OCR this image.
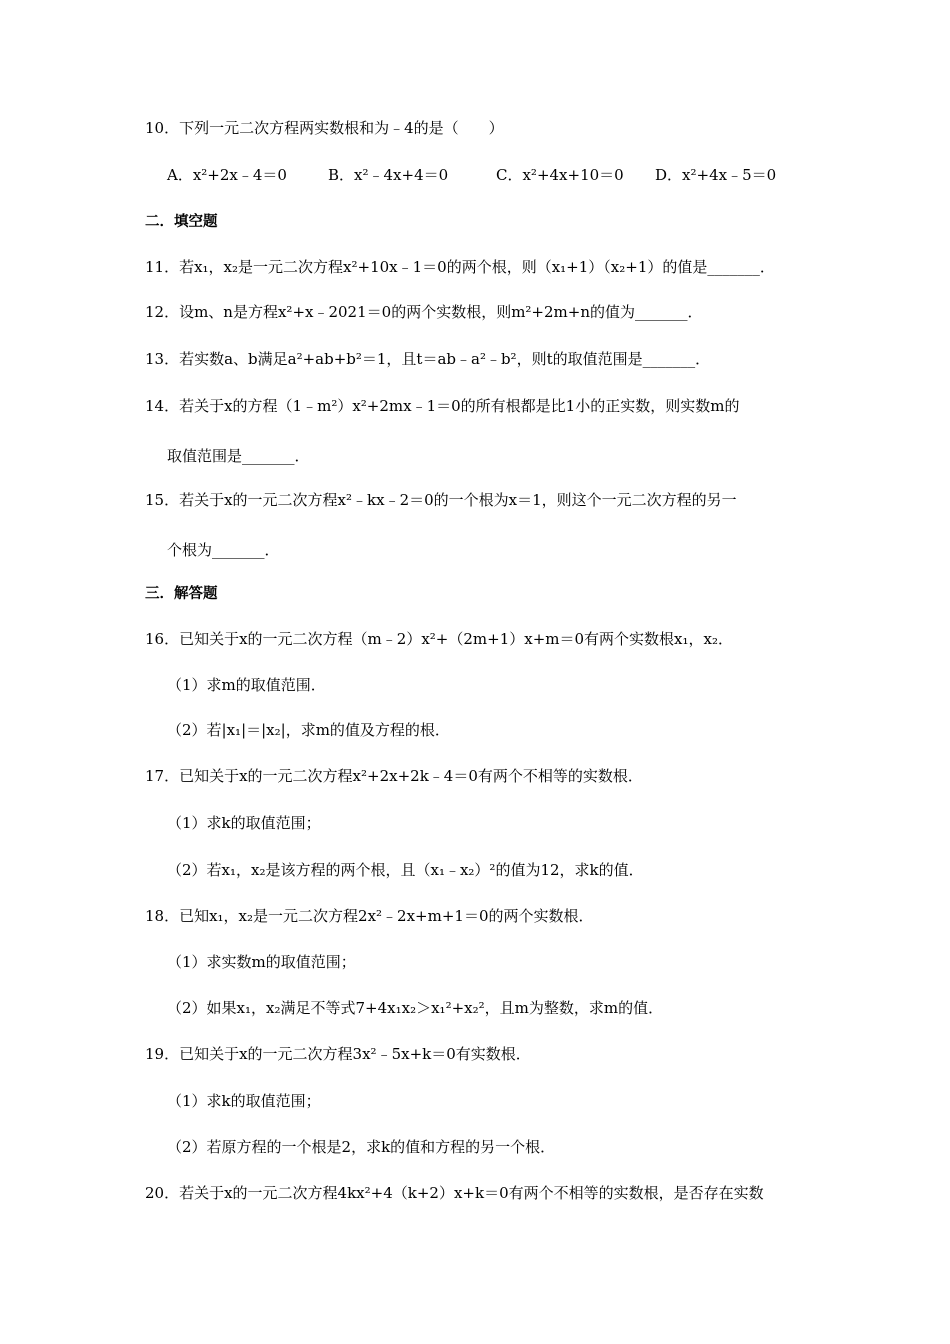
10．下列一元二次方程两实数根和为﹣4的是（　　）
A．x²+2x﹣4＝0	B．x²﹣4x+4＝0	C．x²+4x+10＝0 D．x²+4x﹣5＝0
二．填空题
11．若x₁，x₂是一元二次方程x²+10x﹣1＝0的两个根，则（x₁+1）（x₂+1）的值是_______．
12．设m、n是方程x²+x﹣2021＝0的两个实数根，则m²+2m+n的值为_______．
13．若实数a、b满足a²+ab+b²＝1，且t＝ab﹣a²﹣b²，则t的取值范围是_______．
14．若关于x的方程（1﹣m²）x²+2mx﹣1＝0的所有根都是比1小的正实数，则实数m的
取值范围是_______．
15．若关于x的一元二次方程x²﹣kx﹣2＝0的一个根为x＝1，则这个一元二次方程的另一
个根为_______．
三．解答题
16．已知关于x的一元二次方程（m﹣2）x²+（2m+1）x+m＝0有两个实数根x₁，x₂．
（1）求m的取值范围．
（2）若|x₁|＝|x₂|，求m的值及方程的根．
17．已知关于x的一元二次方程x²+2x+2k﹣4＝0有两个不相等的实数根．
（1）求k的取值范围；
（2）若x₁，x₂是该方程的两个根，且（x₁﹣x₂）²的值为12，求k的值．
18．已知x₁，x₂是一元二次方程2x²﹣2x+m+1＝0的两个实数根．
（1）求实数m的取值范围；
（2）如果x₁，x₂满足不等式7+4x₁x₂＞x₁²+x₂²，且m为整数，求m的值．
19．已知关于x的一元二次方程3x²﹣5x+k＝0有实数根．
（1）求k的取值范围；
（2）若原方程的一个根是2，求k的值和方程的另一个根．
20．若关于x的一元二次方程4kx²+4（k+2）x+k＝0有两个不相等的实数根，是否存在实数
